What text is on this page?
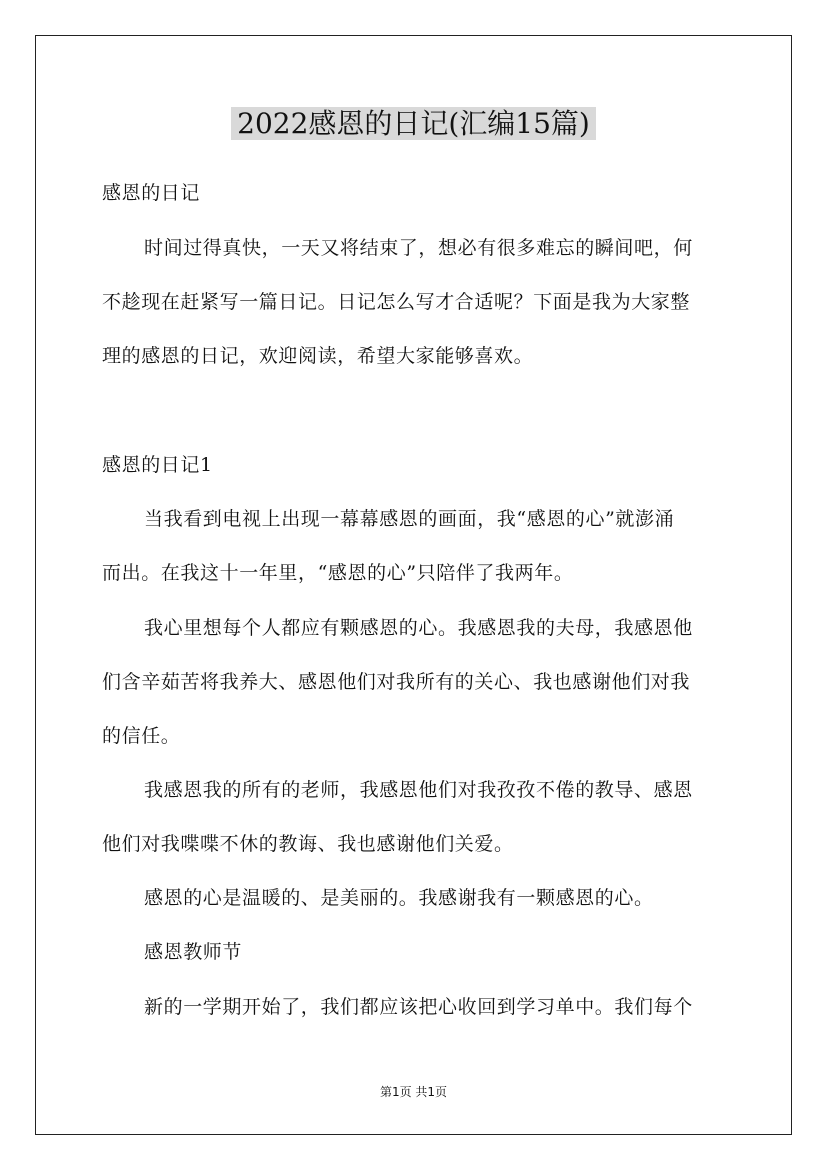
2022感恩的日记(汇编15篇)
感恩的日记
时间过得真快，一天又将结束了，想必有很多难忘的瞬间吧，何
不趁现在赶紧写一篇日记。日记怎么写才合适呢？下面是我为大家整
理的感恩的日记，欢迎阅读，希望大家能够喜欢。
感恩的日记1
当我看到电视上出现一幕幕感恩的画面，我“感恩的心”就澎涌
而出。在我这十一年里，“感恩的心”只陪伴了我两年。
我心里想每个人都应有颗感恩的心。我感恩我的夫母，我感恩他
们含辛茹苦将我养大、感恩他们对我所有的关心、我也感谢他们对我
的信任。
我感恩我的所有的老师，我感恩他们对我孜孜不倦的教导、感恩
他们对我喋喋不休的教诲、我也感谢他们关爱。
感恩的心是温暖的、是美丽的。我感谢我有一颗感恩的心。
感恩教师节
新的一学期开始了，我们都应该把心收回到学习单中。我们每个
第1页 共1页
